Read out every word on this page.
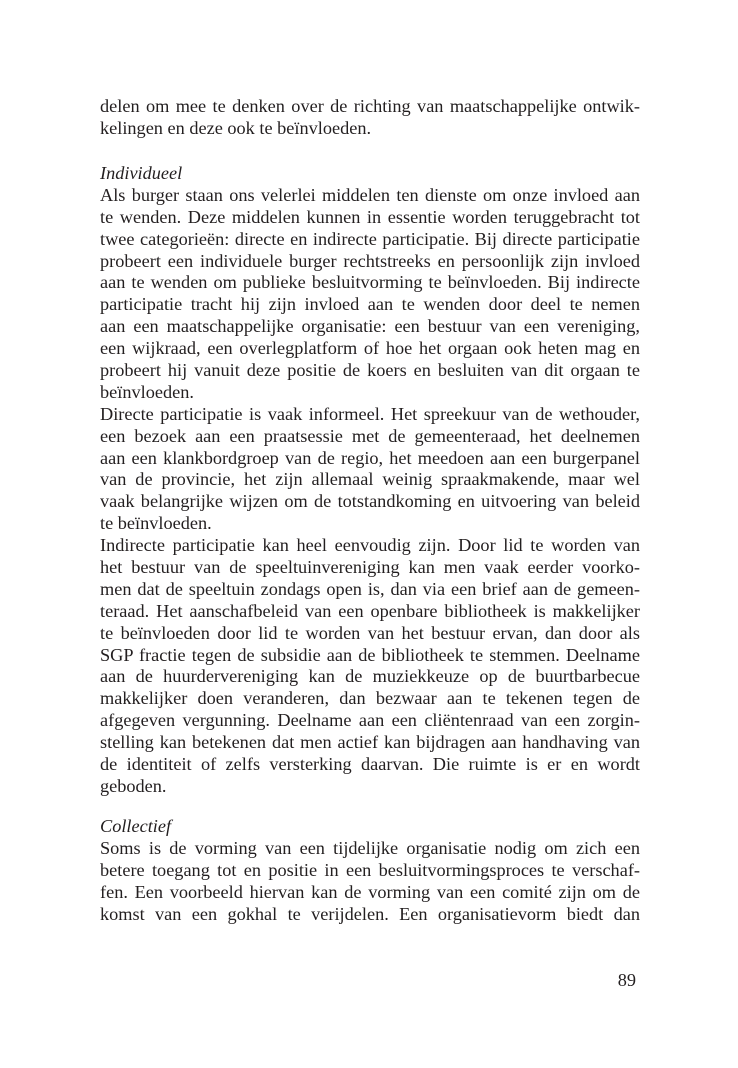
delen om mee te denken over de richting van maatschappelijke ontwik-
kelingen en deze ook te beïnvloeden.
Individueel
Als burger staan ons velerlei middelen ten dienste om onze invloed aan
te wenden. Deze middelen kunnen in essentie worden teruggebracht tot
twee categorieën: directe en indirecte participatie. Bij directe participatie
probeert een individuele burger rechtstreeks en persoonlijk zijn invloed
aan te wenden om publieke besluitvorming te beïnvloeden. Bij indirecte
participatie tracht hij zijn invloed aan te wenden door deel te nemen
aan een maatschappelijke organisatie: een bestuur van een vereniging,
een wijkraad, een overlegplatform of hoe het orgaan ook heten mag en
probeert hij vanuit deze positie de koers en besluiten van dit orgaan te
beïnvloeden.
Directe participatie is vaak informeel. Het spreekuur van de wethouder,
een bezoek aan een praatsessie met de gemeenteraad, het deelnemen
aan een klankbordgroep van de regio, het meedoen aan een burgerpanel
van de provincie, het zijn allemaal weinig spraakmakende, maar wel
vaak belangrijke wijzen om de totstandkoming en uitvoering van beleid
te beïnvloeden.
Indirecte participatie kan heel eenvoudig zijn. Door lid te worden van
het bestuur van de speeltuinvereniging kan men vaak eerder voorko-
men dat de speeltuin zondags open is, dan via een brief aan de gemeen-
teraad. Het aanschafbeleid van een openbare bibliotheek is makkelijker
te beïnvloeden door lid te worden van het bestuur ervan, dan door als
SGP fractie tegen de subsidie aan de bibliotheek te stemmen. Deelname
aan de huurdervereniging kan de muziekkeuze op de buurtbarbecue
makkelijker doen veranderen, dan bezwaar aan te tekenen tegen de
afgegeven vergunning. Deelname aan een cliëntenraad van een zorgin-
stelling kan betekenen dat men actief kan bijdragen aan handhaving van
de identiteit of zelfs versterking daarvan. Die ruimte is er en wordt
geboden.
Collectief
Soms is de vorming van een tijdelijke organisatie nodig om zich een
betere toegang tot en positie in een besluitvormingsproces te verschaf-
fen. Een voorbeeld hiervan kan de vorming van een comité zijn om de
komst van een gokhal te verijdelen. Een organisatievorm biedt dan
89
